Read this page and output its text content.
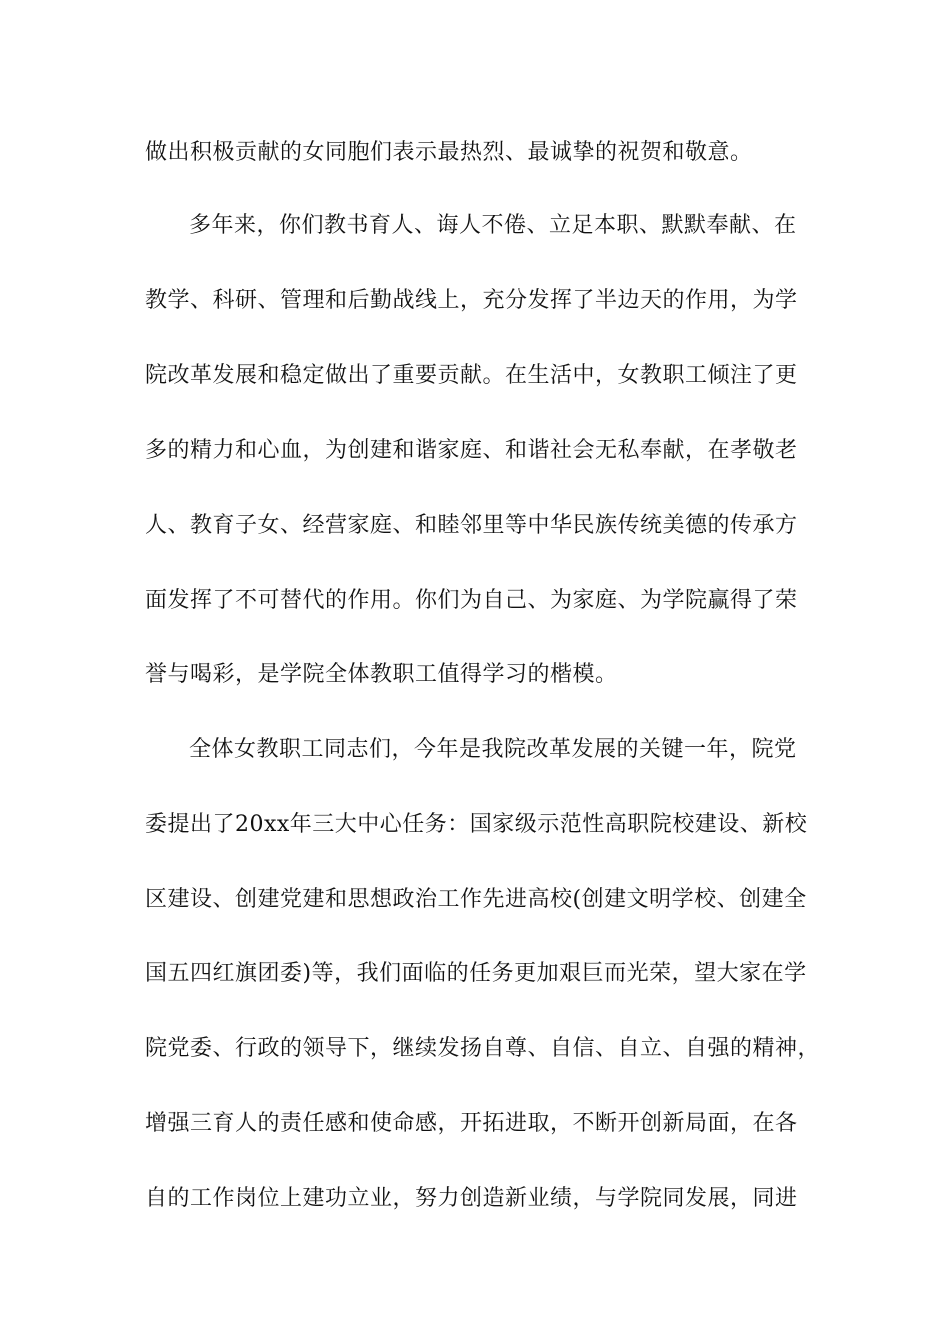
做出积极贡献的女同胞们表示最热烈、最诚挚的祝贺和敬意。
多年来，你们教书育人、诲人不倦、立足本职、默默奉献、在
教学、科研、管理和后勤战线上，充分发挥了半边天的作用，为学
院改革发展和稳定做出了重要贡献。在生活中，女教职工倾注了更
多的精力和心血，为创建和谐家庭、和谐社会无私奉献，在孝敬老
人、教育子女、经营家庭、和睦邻里等中华民族传统美德的传承方
面发挥了不可替代的作用。你们为自己、为家庭、为学院赢得了荣
誉与喝彩，是学院全体教职工值得学习的楷模。
全体女教职工同志们，今年是我院改革发展的关键一年，院党
委提出了20xx年三大中心任务：国家级示范性高职院校建设、新校
区建设、创建党建和思想政治工作先进高校(创建文明学校、创建全
国五四红旗团委)等，我们面临的任务更加艰巨而光荣，望大家在学
院党委、行政的领导下，继续发扬自尊、自信、自立、自强的精神，
增强三育人的责任感和使命感，开拓进取，不断开创新局面，在各
自的工作岗位上建功立业，努力创造新业绩，与学院同发展，同进
